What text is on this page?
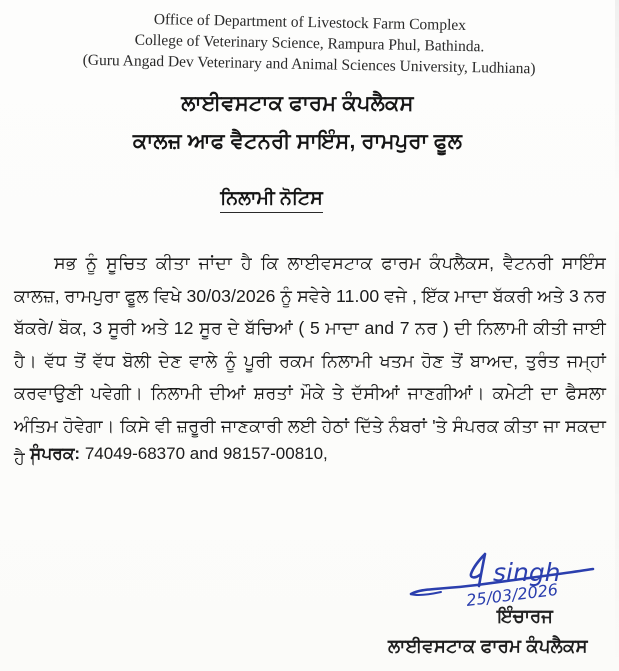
Office of Department of Livestock Farm Complex
College of Veterinary Science, Rampura Phul, Bathinda.
(Guru Angad Dev Veterinary and Animal Sciences University, Ludhiana)
ਲਾਈਵਸਟਾਕ ਫਾਰਮ ਕੰਪਲੈਕਸ
ਕਾਲਜ਼ ਆਫ ਵੈਟਨਰੀ ਸਾਇੰਸ, ਰਾਮਪੁਰਾ ਫੂਲ
ਨਿਲਾਮੀ ਨੋਟਿਸ
ਸਭ ਨੂੰ ਸੂਚਿਤ ਕੀਤਾ ਜਾਂਦਾ ਹੈ ਕਿ ਲਾਈਵਸਟਾਕ ਫਾਰਮ ਕੰਪਲੈਕਸ, ਵੈਟਨਰੀ ਸਾਇੰਸ ਕਾਲਜ਼, ਰਾਮਪੁਰਾ ਫੂਲ ਵਿਖੇ 30/03/2026 ਨੂੰ ਸਵੇਰੇ 11.00 ਵਜੇ , ਇੱਕ ਮਾਦਾ ਬੱਕਰੀ ਅਤੇ 3 ਨਰ ਬੱਕਰੇ/ ਬੋਕ, 3 ਸੂਰੀ ਅਤੇ 12 ਸੂਰ ਦੇ ਬੱਚਿਆਂ ( 5 ਮਾਦਾ and 7 ਨਰ ) ਦੀ ਨਿਲਾਮੀ ਕੀਤੀ ਜਾਈ ਹੈ। ਵੱਧ ਤੋਂ ਵੱਧ ਬੋਲੀ ਦੇਣ ਵਾਲੇ ਨੂੰ ਪੂਰੀ ਰਕਮ ਨਿਲਾਮੀ ਖਤਮ ਹੋਣ ਤੋਂ ਬਾਅਦ, ਤੁਰੰਤ ਜਮ੍ਹਾਂ ਕਰਵਾਉਣੀ ਪਵੇਗੀ। ਨਿਲਾਮੀ ਦੀਆਂ ਸ਼ਰਤਾਂ ਮੌਕੇ ਤੇ ਦੱਸੀਆਂ ਜਾਣਗੀਆਂ। ਕਮੇਟੀ ਦਾ ਫੈਸਲਾ ਅੰਤਿਮ ਹੋਵੇਗਾ। ਕਿਸੇ ਵੀ ਜ਼ਰੂਰੀ ਜਾਣਕਾਰੀ ਲਈ ਹੇਠਾਂ ਦਿੱਤੇ ਨੰਬਰਾਂ 'ਤੇ ਸੰਪਰਕ ਕੀਤਾ ਜਾ ਸਕਦਾ ਹੈ।
ਸੰਪਰਕ: 74049-68370 and 98157-00810,
singh
25/03/2026
ਇੰਚਾਰਜ
ਲਾਈਵਸਟਾਕ ਫਾਰਮ ਕੰਪਲੈਕਸ
